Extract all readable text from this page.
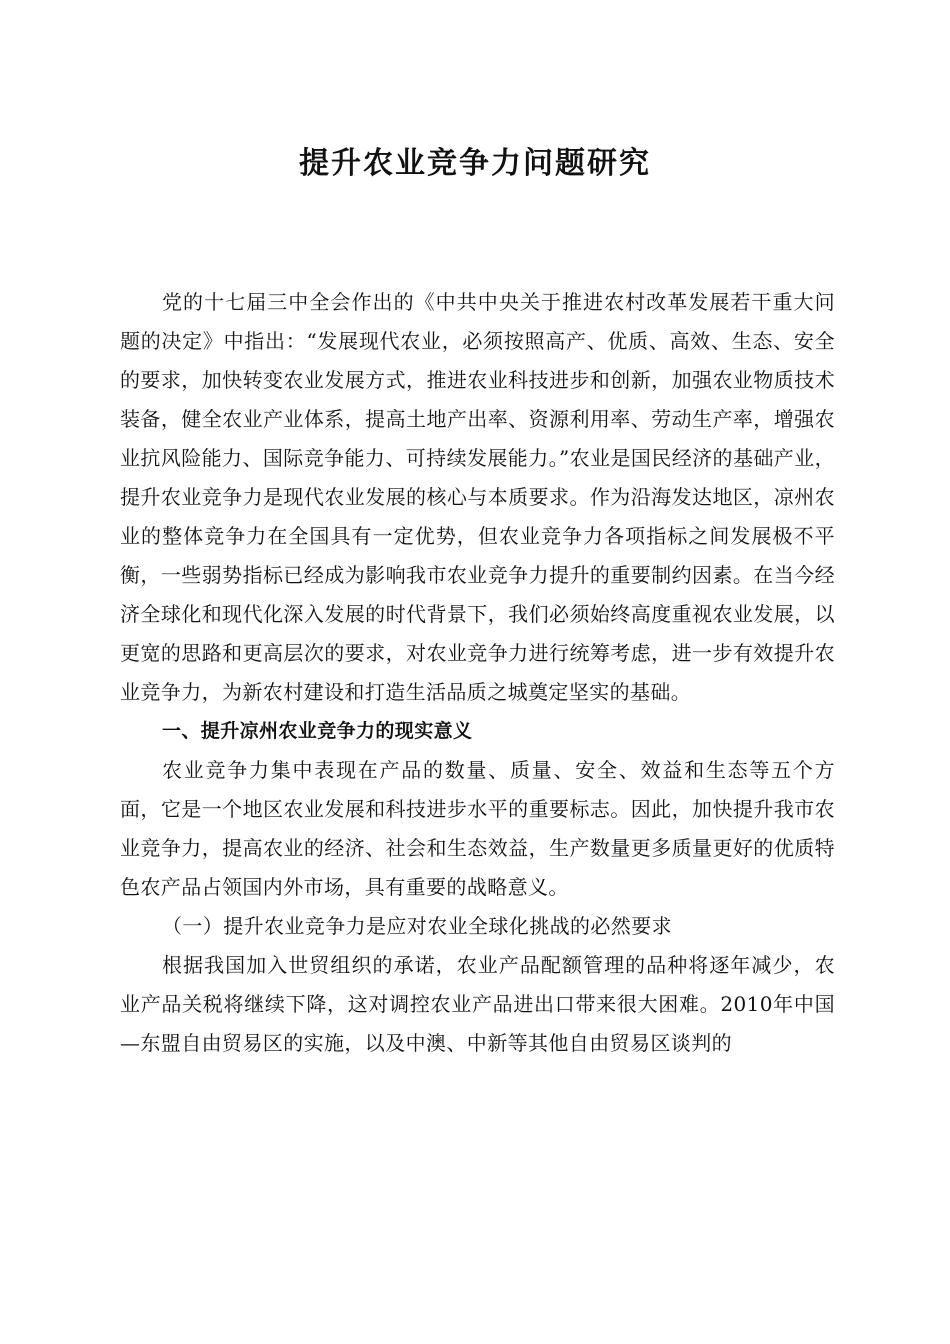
提升农业竞争力问题研究

党的十七届三中全会作出的《中共中央关于推进农村改革发展若干重大问题的决定》中指出：“发展现代农业，必须按照高产、优质、高效、生态、安全的要求，加快转变农业发展方式，推进农业科技进步和创新，加强农业物质技术装备，健全农业产业体系，提高土地产出率、资源利用率、劳动生产率，增强农业抗风险能力、国际竞争能力、可持续发展能力。”农业是国民经济的基础产业，提升农业竞争力是现代农业发展的核心与本质要求。作为沿海发达地区，凉州农业的整体竞争力在全国具有一定优势，但农业竞争力各项指标之间发展极不平衡，一些弱势指标已经成为影响我市农业竞争力提升的重要制约因素。在当今经济全球化和现代化深入发展的时代背景下，我们必须始终高度重视农业发展，以更宽的思路和更高层次的要求，对农业竞争力进行统筹考虑，进一步有效提升农业竞争力，为新农村建设和打造生活品质之城奠定坚实的基础。

一、提升凉州农业竞争力的现实意义

农业竞争力集中表现在产品的数量、质量、安全、效益和生态等五个方面，它是一个地区农业发展和科技进步水平的重要标志。因此，加快提升我市农业竞争力，提高农业的经济、社会和生态效益，生产数量更多质量更好的优质特色农产品占领国内外市场，具有重要的战略意义。

（一）提升农业竞争力是应对农业全球化挑战的必然要求

根据我国加入世贸组织的承诺，农业产品配额管理的品种将逐年减少，农业产品关税将继续下降，这对调控农业产品进出口带来很大困难。2010年中国—东盟自由贸易区的实施，以及中澳、中新等其他自由贸易区谈判的
